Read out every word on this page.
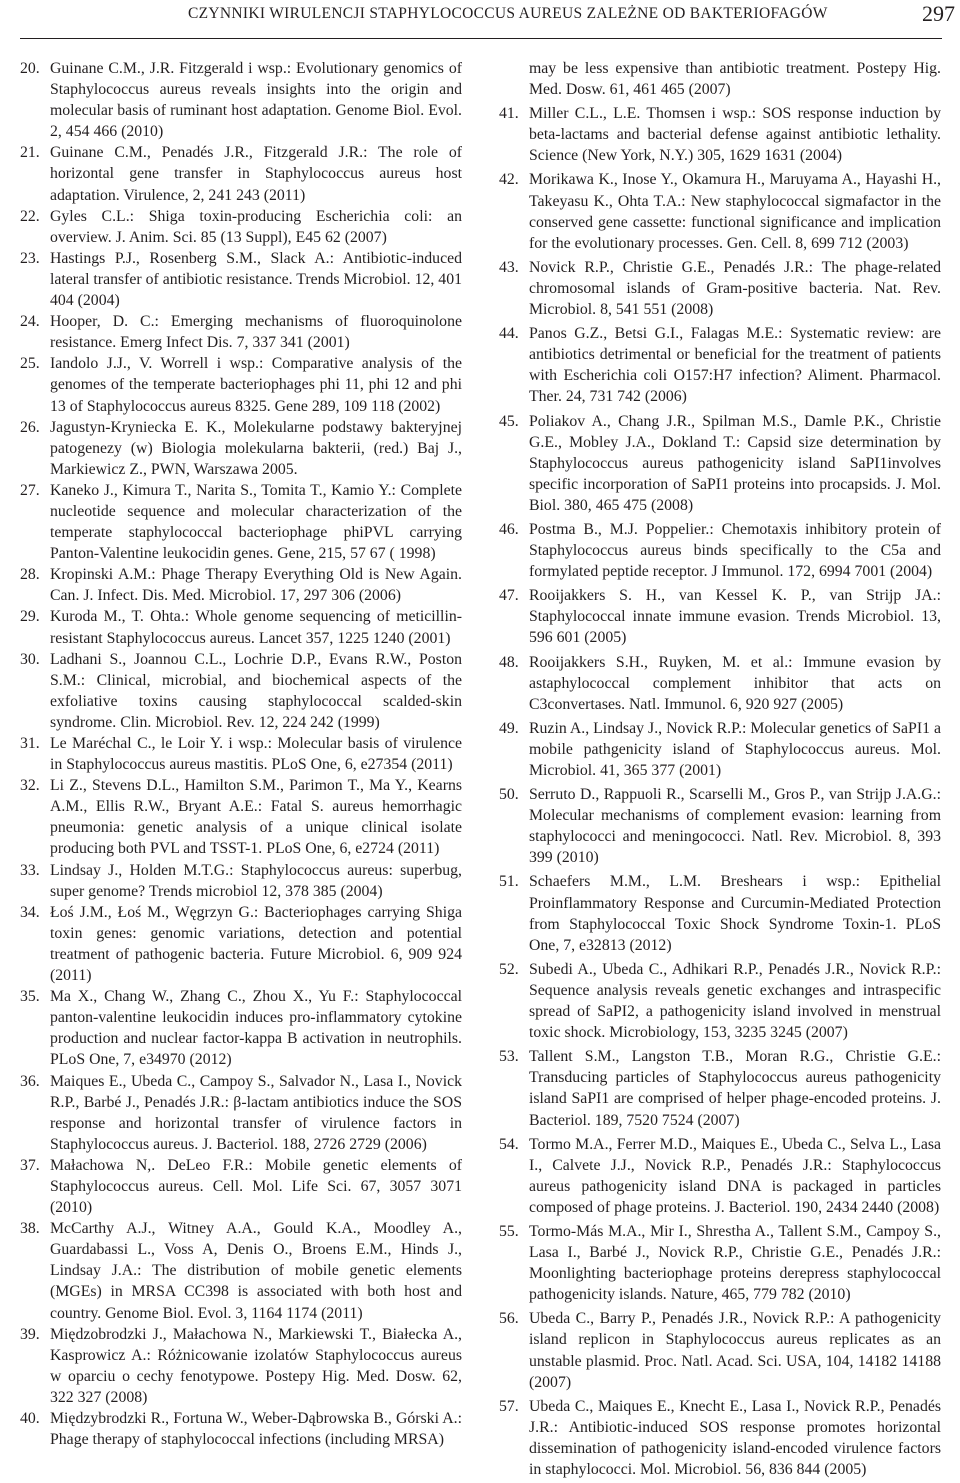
CZYNNIKI WIRULENCJI STAPHYLOCOCCUS AUREUS ZALEŻNE OD BAKTERIOFAGÓW	297
20. Guinane C.M., J.R. Fitzgerald i wsp.: Evolutionary genomics of Staphylococcus aureus reveals insights into the origin and molecular basis of ruminant host adaptation. Genome Biol. Evol. 2, 454 466 (2010)
21. Guinane C.M., Penadés J.R., Fitzgerald J.R.: The role of horizontal gene transfer in Staphylococcus aureus host adaptation. Virulence, 2, 241 243 (2011)
22. Gyles C.L.: Shiga toxin-producing Escherichia coli: an overview. J. Anim. Sci. 85 (13 Suppl), E45 62 (2007)
23. Hastings P.J., Rosenberg S.M., Slack A.: Antibiotic-induced lateral transfer of antibiotic resistance. Trends Microbiol. 12, 401 404 (2004)
24. Hooper, D. C.: Emerging mechanisms of fluoroquinolone resistance. Emerg Infect Dis. 7, 337 341 (2001)
25. Iandolo J.J., V. Worrell i wsp.: Comparative analysis of the genomes of the temperate bacteriophages phi 11, phi 12 and phi 13 of Staphylococcus aureus 8325. Gene 289, 109 118 (2002)
26. Jagustyn-Krynieсka E. K., Molekularne podstawy bakteryjnej patogenezy (w) Biologia molekularna bakterii, (red.) Baj J., Markiewicz Z., PWN, Warszawa 2005.
27. Kaneko J., Kimura T., Narita S., Tomita T., Kamio Y.: Complete nucleotide sequence and molecular characterization of the temperate staphylococcal bacteriophage phiPVL carrying Panton-Valentine leukocidin genes. Gene, 215, 57 67 ( 1998)
28. Kropinski A.M.: Phage Therapy Everything Old is New Again. Can. J. Infect. Dis. Med. Microbiol. 17, 297 306 (2006)
29. Kuroda M., T. Ohta.: Whole genome sequencing of meticillin-resistant Staphylococcus aureus. Lancet 357, 1225 1240 (2001)
30. Ladhani S., Joannou C.L., Lochrie D.P., Evans R.W., Poston S.M.: Clinical, microbial, and biochemical aspects of the exfoliative toxins causing staphylococcal scalded-skin syndrome. Clin. Microbiol. Rev. 12, 224 242 (1999)
31. Le Maréchal C., le Loir Y. i wsp.: Molecular basis of virulence in Staphylococcus aureus mastitis. PLoS One, 6, e27354 (2011)
32. Li Z., Stevens D.L., Hamilton S.M., Parimon T., Ma Y., Kearns A.M., Ellis R.W., Bryant A.E.: Fatal S. aureus hemorrhagic pneumonia: genetic analysis of a unique clinical isolate producing both PVL and TSST-1. PLoS One, 6, e2724 (2011)
33. Lindsay J., Holden M.T.G.: Staphylococcus aureus: superbug, super genome? Trends microbiol 12, 378 385 (2004)
34. Łoś J.M., Łoś M., Węgrzyn G.: Bacteriophages carrying Shiga toxin genes: genomic variations, detection and potential treatment of pathogenic bacteria. Future Microbiol. 6, 909 924 (2011)
35. Ma X., Chang W., Zhang C., Zhou X., Yu F.: Staphylococcal panton-valentine leukocidin induces pro-inflammatory cytokine production and nuclear factor-kappa B activation in neutrophils. PLoS One, 7, e34970 (2012)
36. Maiques E., Ubeda C., Campoy S., Salvador N., Lasa I., Novick R.P., Barbé J., Penadés J.R.: β-lactam antibiotics induce the SOS response and horizontal transfer of virulence factors in Staphylococcus aureus. J. Bacteriol. 188, 2726 2729 (2006)
37. Małachowa N,. DeLeo F.R.: Mobile genetic elements of Staphylococcus aureus. Cell. Mol. Life Sci. 67, 3057 3071 (2010)
38. McCarthy A.J., Witney A.A., Gould K.A., Moodley A., Guardabassi L., Voss A, Denis O., Broens E.M., Hinds J., Lindsay J.A.: The distribution of mobile genetic elements (MGEs) in MRSA CC398 is associated with both host and country. Genome Biol. Evol. 3, 1164 1174 (2011)
39. Międzobrodzki J., Małachowa N., Markiewski T., Białecka A., Kasprowicz A.: Różnicowanie izolatów Staphylococcus aureus w oparciu o cechy fenotypowe. Postepy Hig. Med. Dosw. 62, 322 327 (2008)
40. Międzybrodzki R., Fortuna W., Weber-Dąbrowska B., Górski A.: Phage therapy of staphylococcal infections (including MRSA)
may be less expensive than antibiotic treatment. Postepy Hig. Med. Dosw. 61, 461 465 (2007)
41. Miller C.L., L.E. Thomsen i wsp.: SOS response induction by beta-lactams and bacterial defense against antibiotic lethality. Science (New York, N.Y.) 305, 1629 1631 (2004)
42. Morikawa K., Inose Y., Okamura H., Maruyama A., Hayashi H., Takeyasu K., Ohta T.A.: New staphylococcal sigmafactor in the conserved gene cassette: functional significance and implication for the evolutionary processes. Gen. Cell. 8, 699 712 (2003)
43. Novick R.P., Christie G.E., Penadés J.R.: The phage-related chromosomal islands of Gram-positive bacteria. Nat. Rev. Microbiol. 8, 541 551 (2008)
44. Panos G.Z., Betsi G.I., Falagas M.E.: Systematic review: are antibiotics detrimental or beneficial for the treatment of patients with Escherichia coli O157:H7 infection? Aliment. Pharmacol. Ther. 24, 731 742 (2006)
45. Poliakov A., Chang J.R., Spilman M.S., Damle P.K., Christie G.E., Mobley J.A., Dokland T.: Capsid size determination by Staphylococcus aureus pathogenicity island SaPI1involves specific incorporation of SaPI1 proteins into procapsids. J. Mol. Biol. 380, 465 475 (2008)
46. Postma B., M.J. Poppelier.: Chemotaxis inhibitory protein of Staphylococcus aureus binds specifically to the C5a and formylated peptide receptor. J Immunol. 172, 6994 7001 (2004)
47. Rooijakkers S. H., van Kessel K. P., van Strijp JA.: Staphylococcal innate immune evasion. Trends Microbiol. 13, 596 601 (2005)
48. Rooijakkers S.H., Ruyken, M. et al.: Immune evasion by astaphylococcal complement inhibitor that acts on C3convertases. Natl. Immunol. 6, 920 927 (2005)
49. Ruzin A., Lindsay J., Novick R.P.: Molecular genetics of SaPI1 a mobile pathgenicity island of Staphylococcus aureus. Mol. Microbiol. 41, 365 377 (2001)
50. Serruto D., Rappuoli R., Scarselli M., Gros P., van Strijp J.A.G.: Molecular mechanisms of complement evasion: learning from staphylococci and meningococci. Natl. Rev. Microbiol. 8, 393 399 (2010)
51. Schaefers M.M., L.M. Breshears i wsp.: Epithelial Proinflammatory Response and Curcumin-Mediated Protection from Staphylococcal Toxic Shock Syndrome Toxin-1. PLoS One, 7, e32813 (2012)
52. Subedi A., Ubeda C., Adhikari R.P., Penadés J.R., Novick R.P.: Sequence analysis reveals genetic exchanges and intraspecific spread of SaPI2, a pathogenicity island involved in menstrual toxic shock. Microbiology, 153, 3235 3245 (2007)
53. Tallent S.M., Langston T.B., Moran R.G., Christie G.E.: Transducing particles of Staphylococcus aureus pathogenicity island SaPI1 are comprised of helper phage-encoded proteins. J. Bacteriol. 189, 7520 7524 (2007)
54. Tormo M.A., Ferrer M.D., Maiques E., Ubeda C., Selva L., Lasa I., Calvete J.J., Novick R.P., Penadés J.R.: Staphylococcus aureus pathogenicity island DNA is packaged in particles composed of phage proteins. J. Bacteriol. 190, 2434 2440 (2008)
55. Tormo-Más M.A., Mir I., Shrestha A., Tallent S.M., Campoy S., Lasa I., Barbé J., Novick R.P., Christie G.E., Penadés J.R.: Moonlighting bacteriophage proteins derepress staphylococcal pathogenicity islands. Nature, 465, 779 782 (2010)
56. Ubeda C., Barry P., Penadés J.R., Novick R.P.: A pathogenicity island replicon in Staphylococcus aureus replicates as an unstable plasmid. Proc. Natl. Acad. Sci. USA, 104, 14182 14188 (2007)
57. Ubeda C., Maiques E., Knecht E., Lasa I., Novick R.P., Penadés J.R.: Antibiotic-induced SOS response promotes horizontal dissemination of pathogenicity island-encoded virulence factors in staphylococci. Mol. Microbiol. 56, 836 844 (2005)
